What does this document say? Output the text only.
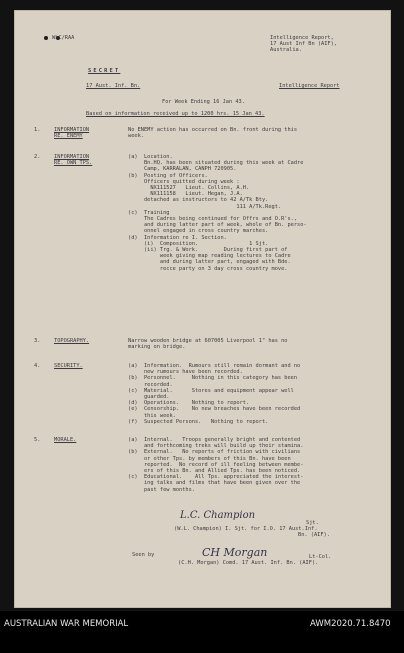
WLC/RAA	Intelligence Report,
17 Aust Inf Bn (AIF),
Australia.
SECRET
17 Aust. Inf. Bn.	Intelligence Report
For Week Ending 16 Jan 43.
Based on information received up to 1200 hrs. 15 Jan 43.
1.	INFORMATION
RE. ENEMY
No ENEMY action has occurred on Bn. front during this
week.
2.	INFORMATION
RE. OWN TPS.
(a)  Location.
Bn.HQ. has been situated during this week at Cadre
Camp, KARRALAN, CANPH 720905.
(b)  Posting of Officers.
Officers quitted during week :
NX111527   Lieut. Collins, A.H.
NX111158   Lieut. Hegan, J.A.
detached as instructors to 42 A/Tk Bty.
111 A/Tk.Regt.
(c)  Training
The Cadres being continued for Offrs and O.R's.,
and during latter part of week, whole of Bn. perso-
onnel engaged in cross country marches.
(d)  Information re I. Section.
(i)  Composition.                1 Sjt.
(ii) Trg. & Work.        During first part of
week giving map reading lectures to Cadre
and during latter part, engaged with Bde.
recce party on 3 day cross country move.
3.	TOPOGRAPHY.	Narrow wooden bridge at 607005 Liverpool 1" has no
marking on bridge.
4.	SECURITY.	(a)  Information.  Rumours still remain dormant and no
new rumours have been recorded.
(b)  Personnel.     Nothing in this category has been
recorded.
(c)  Material.      Stores and equipment appear well
guarded.
(d)  Operations.    Nothing to report.
(e)  Censorship.    No new breaches have been recorded
this week.
(f)  Suspected Persons.   Nothing to report.
5.	MORALE.	(a)  Internal.   Troops generally bright and contented
and forthcoming treks will build up their stamina.
(b)  External.   No reports of friction with civilians
or other Tps. by members of this Bn. have been
reported.  No record of ill feeling between membe-
ers of this Bn. and Allied Tps. has been noticed.
(c)  Educational.    All Tps. appreciated the interest-
ing talks and films that have been given over the
past few months.
L.C. Champion
Sjt.
(W.L. Champion) I. Sjt. for I.O. 17 Aust.Inf.
Bn. (AIF).
Seen by	CH Morgan	Lt-Col.
(C.H. Morgan) Comd. 17 Aust. Inf. Bn. (AIF).
AUSTRALIAN WAR MEMORIAL	AWM2020.71.8470
